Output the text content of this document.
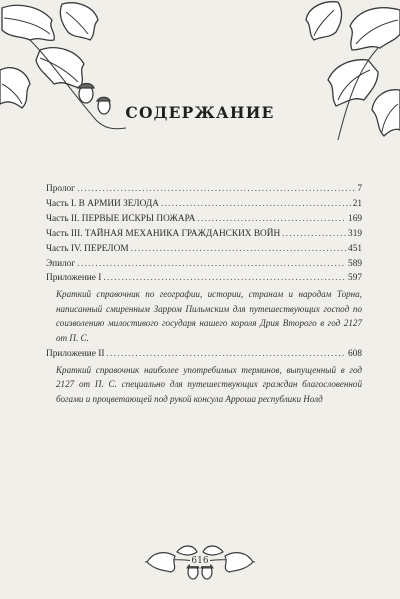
СОДЕРЖАНИЕ
Пролог .....	7
Часть I. В АРМИИ ЗЕЛОДА .....	21
Часть II. ПЕРВЫЕ ИСКРЫ ПОЖАРА .....	169
Часть III. ТАЙНАЯ МЕХАНИКА ГРАЖДАНСКИХ ВОЙН .....	319
Часть IV. ПЕРЕЛОМ .....	451
Эпилог .....	589
Приложение I .....	597
Краткий справочник по географии, истории, странам и народам Торна, написанный смиренным Зарром Пильмским для путешествующих господ по соизволению милостивого государя нашего короля Дрия Второго в год 2127 от П. С.
Приложение II .....	608
Краткий справочник наиболее употребимых терминов, выпущенный в год 2127 от П. С. специально для путешествующих граждан благословенной богами и процветающей под рукой консула Арроша республики Нолд
616
